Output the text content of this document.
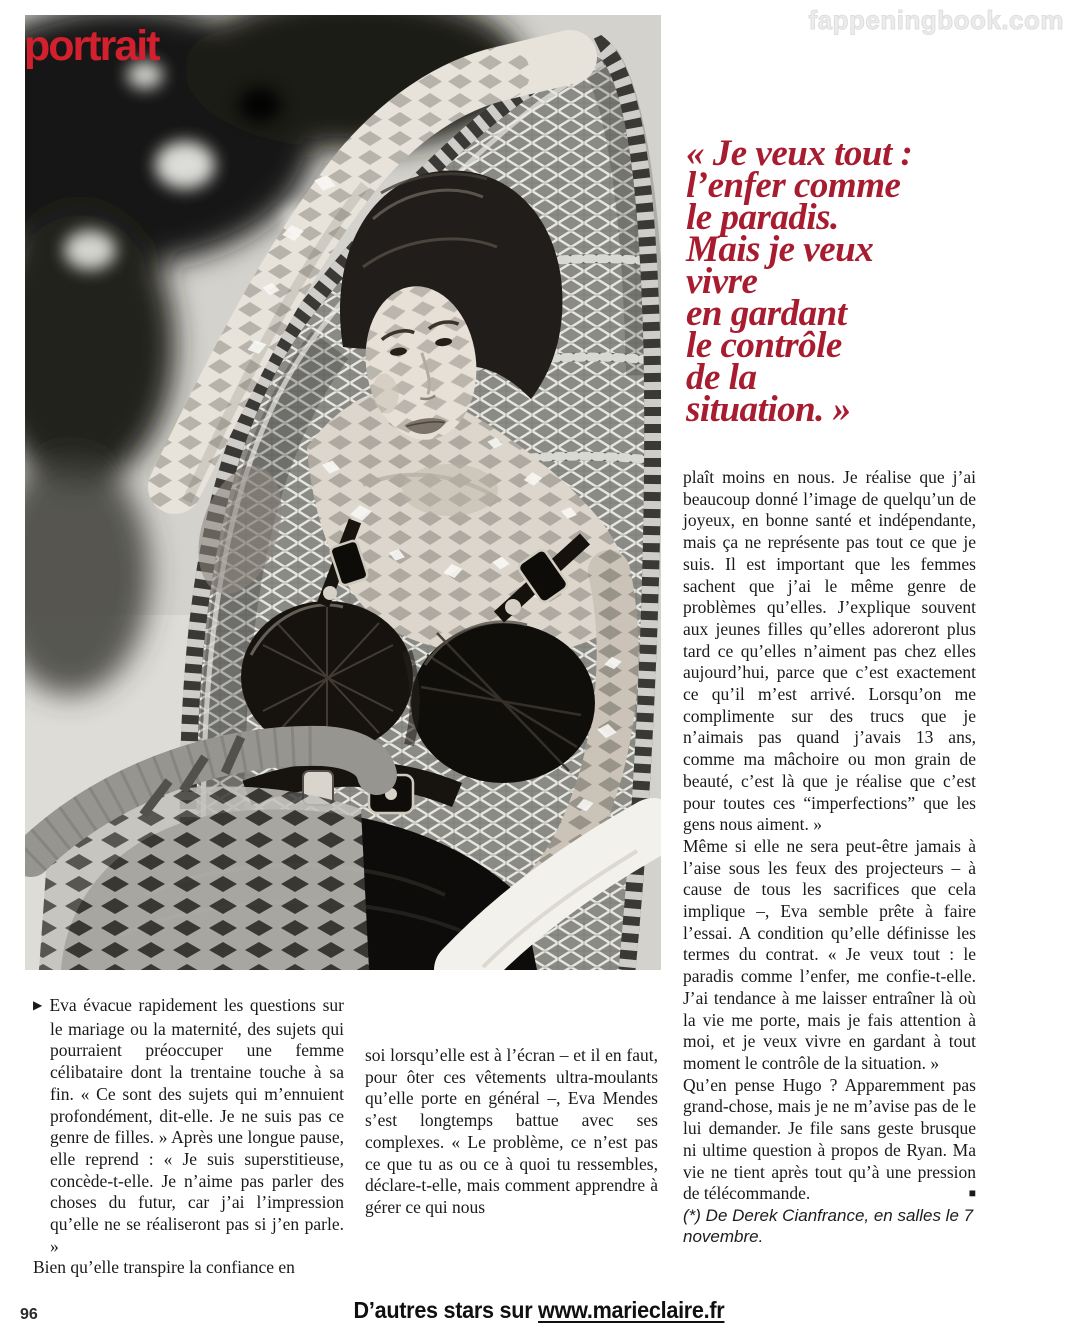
fappeningbook.com
portrait
« Je veux tout :
l’enfer comme
le paradis.
Mais je veux
vivre
en gardant
le contrôle
de la
situation. »

▶ Eva évacue rapidement les questions sur le mariage ou la maternité, des sujets qui pourraient préoccuper une femme célibataire dont la trentaine touche à sa fin. « Ce sont des sujets qui m’ennuient profondément, dit-elle. Je ne suis pas ce genre de filles. » Après une longue pause, elle reprend : « Je suis superstitieuse, concède-t-elle. Je n’aime pas parler des choses du futur, car j’ai l’impression qu’elle ne se réaliseront pas si j’en parle. »

Bien qu’elle transpire la confiance en

soi lorsqu’elle est à l’écran – et il en faut, pour ôter ces vêtements ultra-moulants qu’elle porte en général –, Eva Mendes s’est longtemps battue avec ses complexes. « Le problème, ce n’est pas ce que tu as ou ce à quoi tu ressembles, déclare-t-elle, mais comment apprendre à gérer ce qui nous

plaît moins en nous. Je réalise que j’ai beaucoup donné l’image de quelqu’un de joyeux, en bonne santé et indépendante, mais ça ne représente pas tout ce que je suis. Il est important que les femmes sachent que j’ai le même genre de problèmes qu’elles. J’explique souvent aux jeunes filles qu’elles adoreront plus tard ce qu’elles n’aiment pas chez elles aujourd’hui, parce que c’est exactement ce qu’il m’est arrivé. Lorsqu’on me complimente sur des trucs que je n’aimais pas quand j’avais 13 ans, comme ma mâchoire ou mon grain de beauté, c’est là que je réalise que c’est pour toutes ces “imperfections” que les gens nous aiment. »

Même si elle ne sera peut-être jamais à l’aise sous les feux des projecteurs – à cause de tous les sacrifices que cela implique –, Eva semble prête à faire l’essai. A condition qu’elle définisse les termes du contrat. « Je veux tout : le paradis comme l’enfer, me confie-t-elle. J’ai tendance à me laisser entraîner là où la vie me porte, mais je fais attention à moi, et je veux vivre en gardant à tout moment le contrôle de la situation. »

Qu’en pense Hugo ? Apparemment pas grand-chose, mais je ne m’avise pas de le lui demander. Je file sans geste brusque ni ultime question à propos de Ryan. Ma vie ne tient après tout qu’à une pression de télécommande.	■

(*) De Derek Cianfrance, en salles le 7 novembre.

96	D’autres stars sur www.marieclaire.fr
